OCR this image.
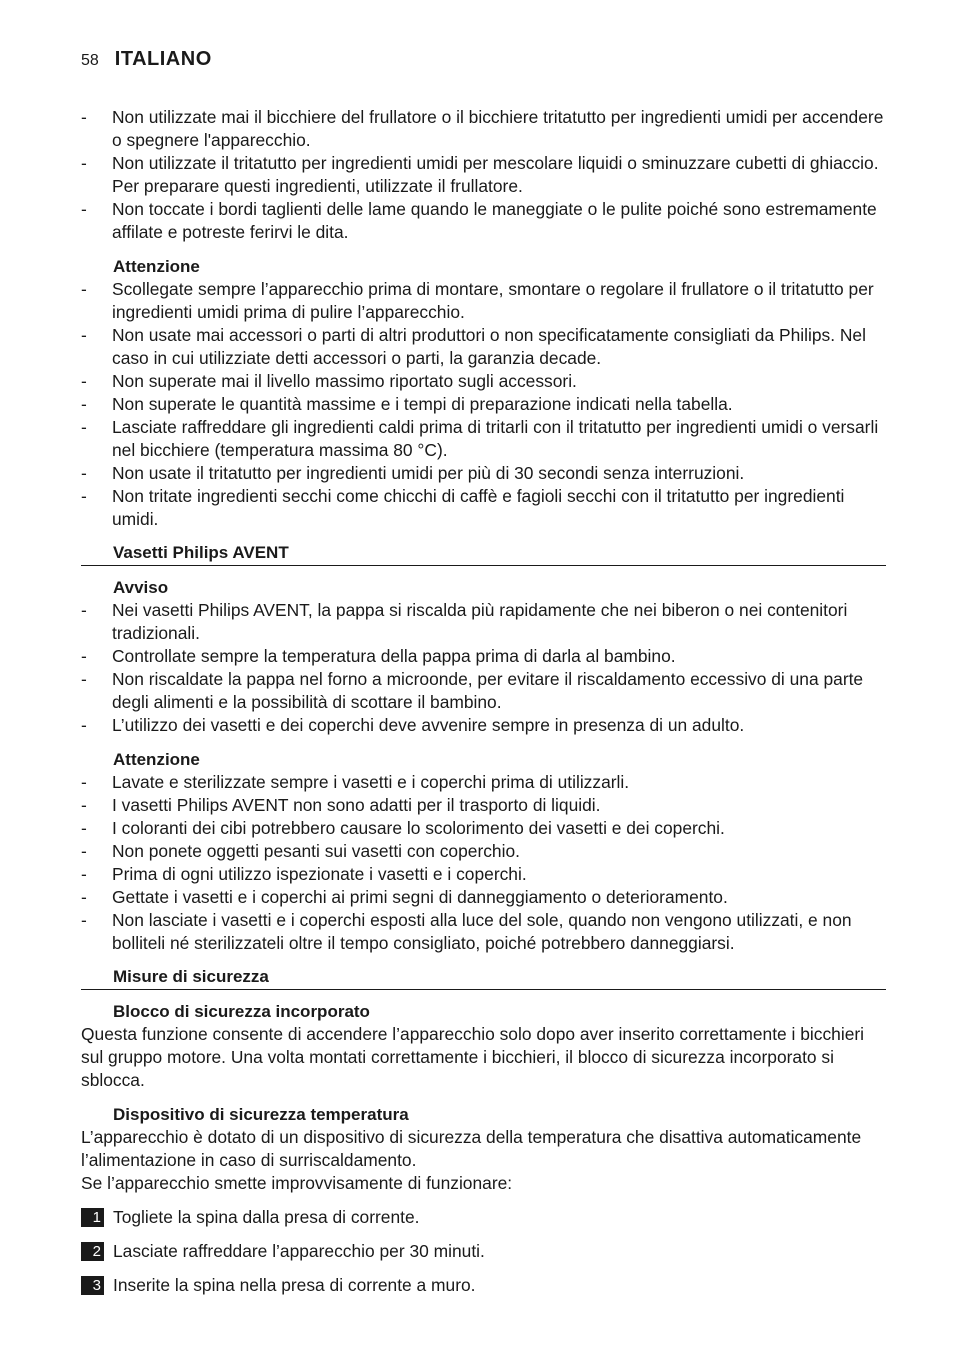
58 ITALIANO
- Non utilizzate mai il bicchiere del frullatore o il bicchiere tritatutto per ingredienti umidi per accendere o spegnere l'apparecchio.
- Non utilizzate il tritatutto per ingredienti umidi per mescolare liquidi o sminuzzare cubetti di ghiaccio. Per preparare questi ingredienti, utilizzate il frullatore.
- Non toccate i bordi taglienti delle lame quando le maneggiate o le pulite poiché sono estremamente affilate e potreste ferirvi le dita.
Attenzione
- Scollegate sempre l’apparecchio prima di montare, smontare o regolare il frullatore o il tritatutto per ingredienti umidi prima di pulire l’apparecchio.
- Non usate mai accessori o parti di altri produttori o non specificatamente consigliati da Philips. Nel caso in cui utilizziate detti accessori o parti, la garanzia decade.
- Non superate mai il livello massimo riportato sugli accessori.
- Non superate le quantità massime e i tempi di preparazione indicati nella tabella.
- Lasciate raffreddare gli ingredienti caldi prima di tritarli con il tritatutto per ingredienti umidi o versarli nel bicchiere (temperatura massima 80 °C).
- Non usate il tritatutto per ingredienti umidi per più di 30 secondi senza interruzioni.
- Non tritate ingredienti secchi come chicchi di caffè e fagioli secchi con il tritatutto per ingredienti umidi.
Vasetti Philips AVENT
Avviso
- Nei vasetti Philips AVENT, la pappa si riscalda più rapidamente che nei biberon o nei contenitori tradizionali.
- Controllate sempre la temperatura della pappa prima di darla al bambino.
- Non riscaldate la pappa nel forno a microonde, per evitare il riscaldamento eccessivo di una parte degli alimenti e la possibilità di scottare il bambino.
- L’utilizzo dei vasetti e dei coperchi deve avvenire sempre in presenza di un adulto.
Attenzione
- Lavate e sterilizzate sempre i vasetti e i coperchi prima di utilizzarli.
- I vasetti Philips AVENT non sono adatti per il trasporto di liquidi.
- I coloranti dei cibi potrebbero causare lo scolorimento dei vasetti e dei coperchi.
- Non ponete oggetti pesanti sui vasetti con coperchio.
- Prima di ogni utilizzo ispezionate i vasetti e i coperchi.
- Gettate i vasetti e i coperchi ai primi segni di danneggiamento o deterioramento.
- Non lasciate i vasetti e i coperchi esposti alla luce del sole, quando non vengono utilizzati, e non bolliteli né sterilizzateli oltre il tempo consigliato, poiché potrebbero danneggiarsi.
Misure di sicurezza
Blocco di sicurezza incorporato

Questa funzione consente di accendere l’apparecchio solo dopo aver inserito correttamente i bicchieri sul gruppo motore. Una volta montati correttamente i bicchieri, il blocco di sicurezza incorporato si sblocca.

Dispositivo di sicurezza temperatura

L’apparecchio è dotato di un dispositivo di sicurezza della temperatura che disattiva automaticamente l’alimentazione in caso di surriscaldamento.

Se l’apparecchio smette improvvisamente di funzionare:

1 Togliete la spina dalla presa di corrente.
2 Lasciate raffreddare l’apparecchio per 30 minuti.
3 Inserite la spina nella presa di corrente a muro.
